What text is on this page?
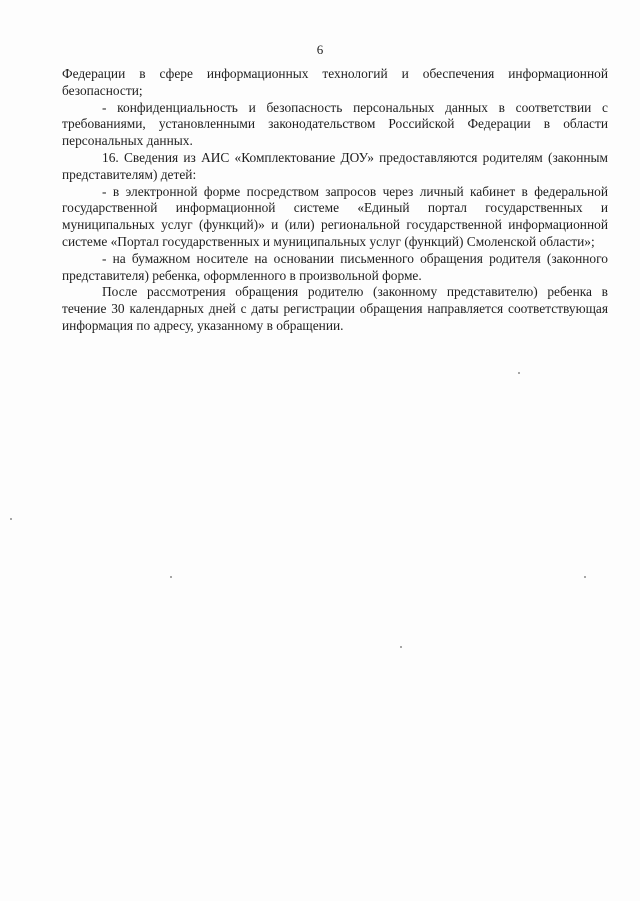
6

Федерации в сфере информационных технологий и обеспечения информационной безопасности;

- конфиденциальность и безопасность персональных данных в соответствии с требованиями, установленными законодательством Российской Федерации в области персональных данных.

16. Сведения из АИС «Комплектование ДОУ» предоставляются родителям (законным представителям) детей:

- в электронной форме посредством запросов через личный кабинет в федеральной государственной информационной системе «Единый портал государственных и муниципальных услуг (функций)» и (или) региональной государственной информационной системе «Портал государственных и муниципальных услуг (функций) Смоленской области»;

- на бумажном носителе на основании письменного обращения родителя (законного представителя) ребенка, оформленного в произвольной форме.

После рассмотрения обращения родителю (законному представителю) ребенка в течение 30 календарных дней с даты регистрации обращения направляется соответствующая информация по адресу, указанному в обращении.
